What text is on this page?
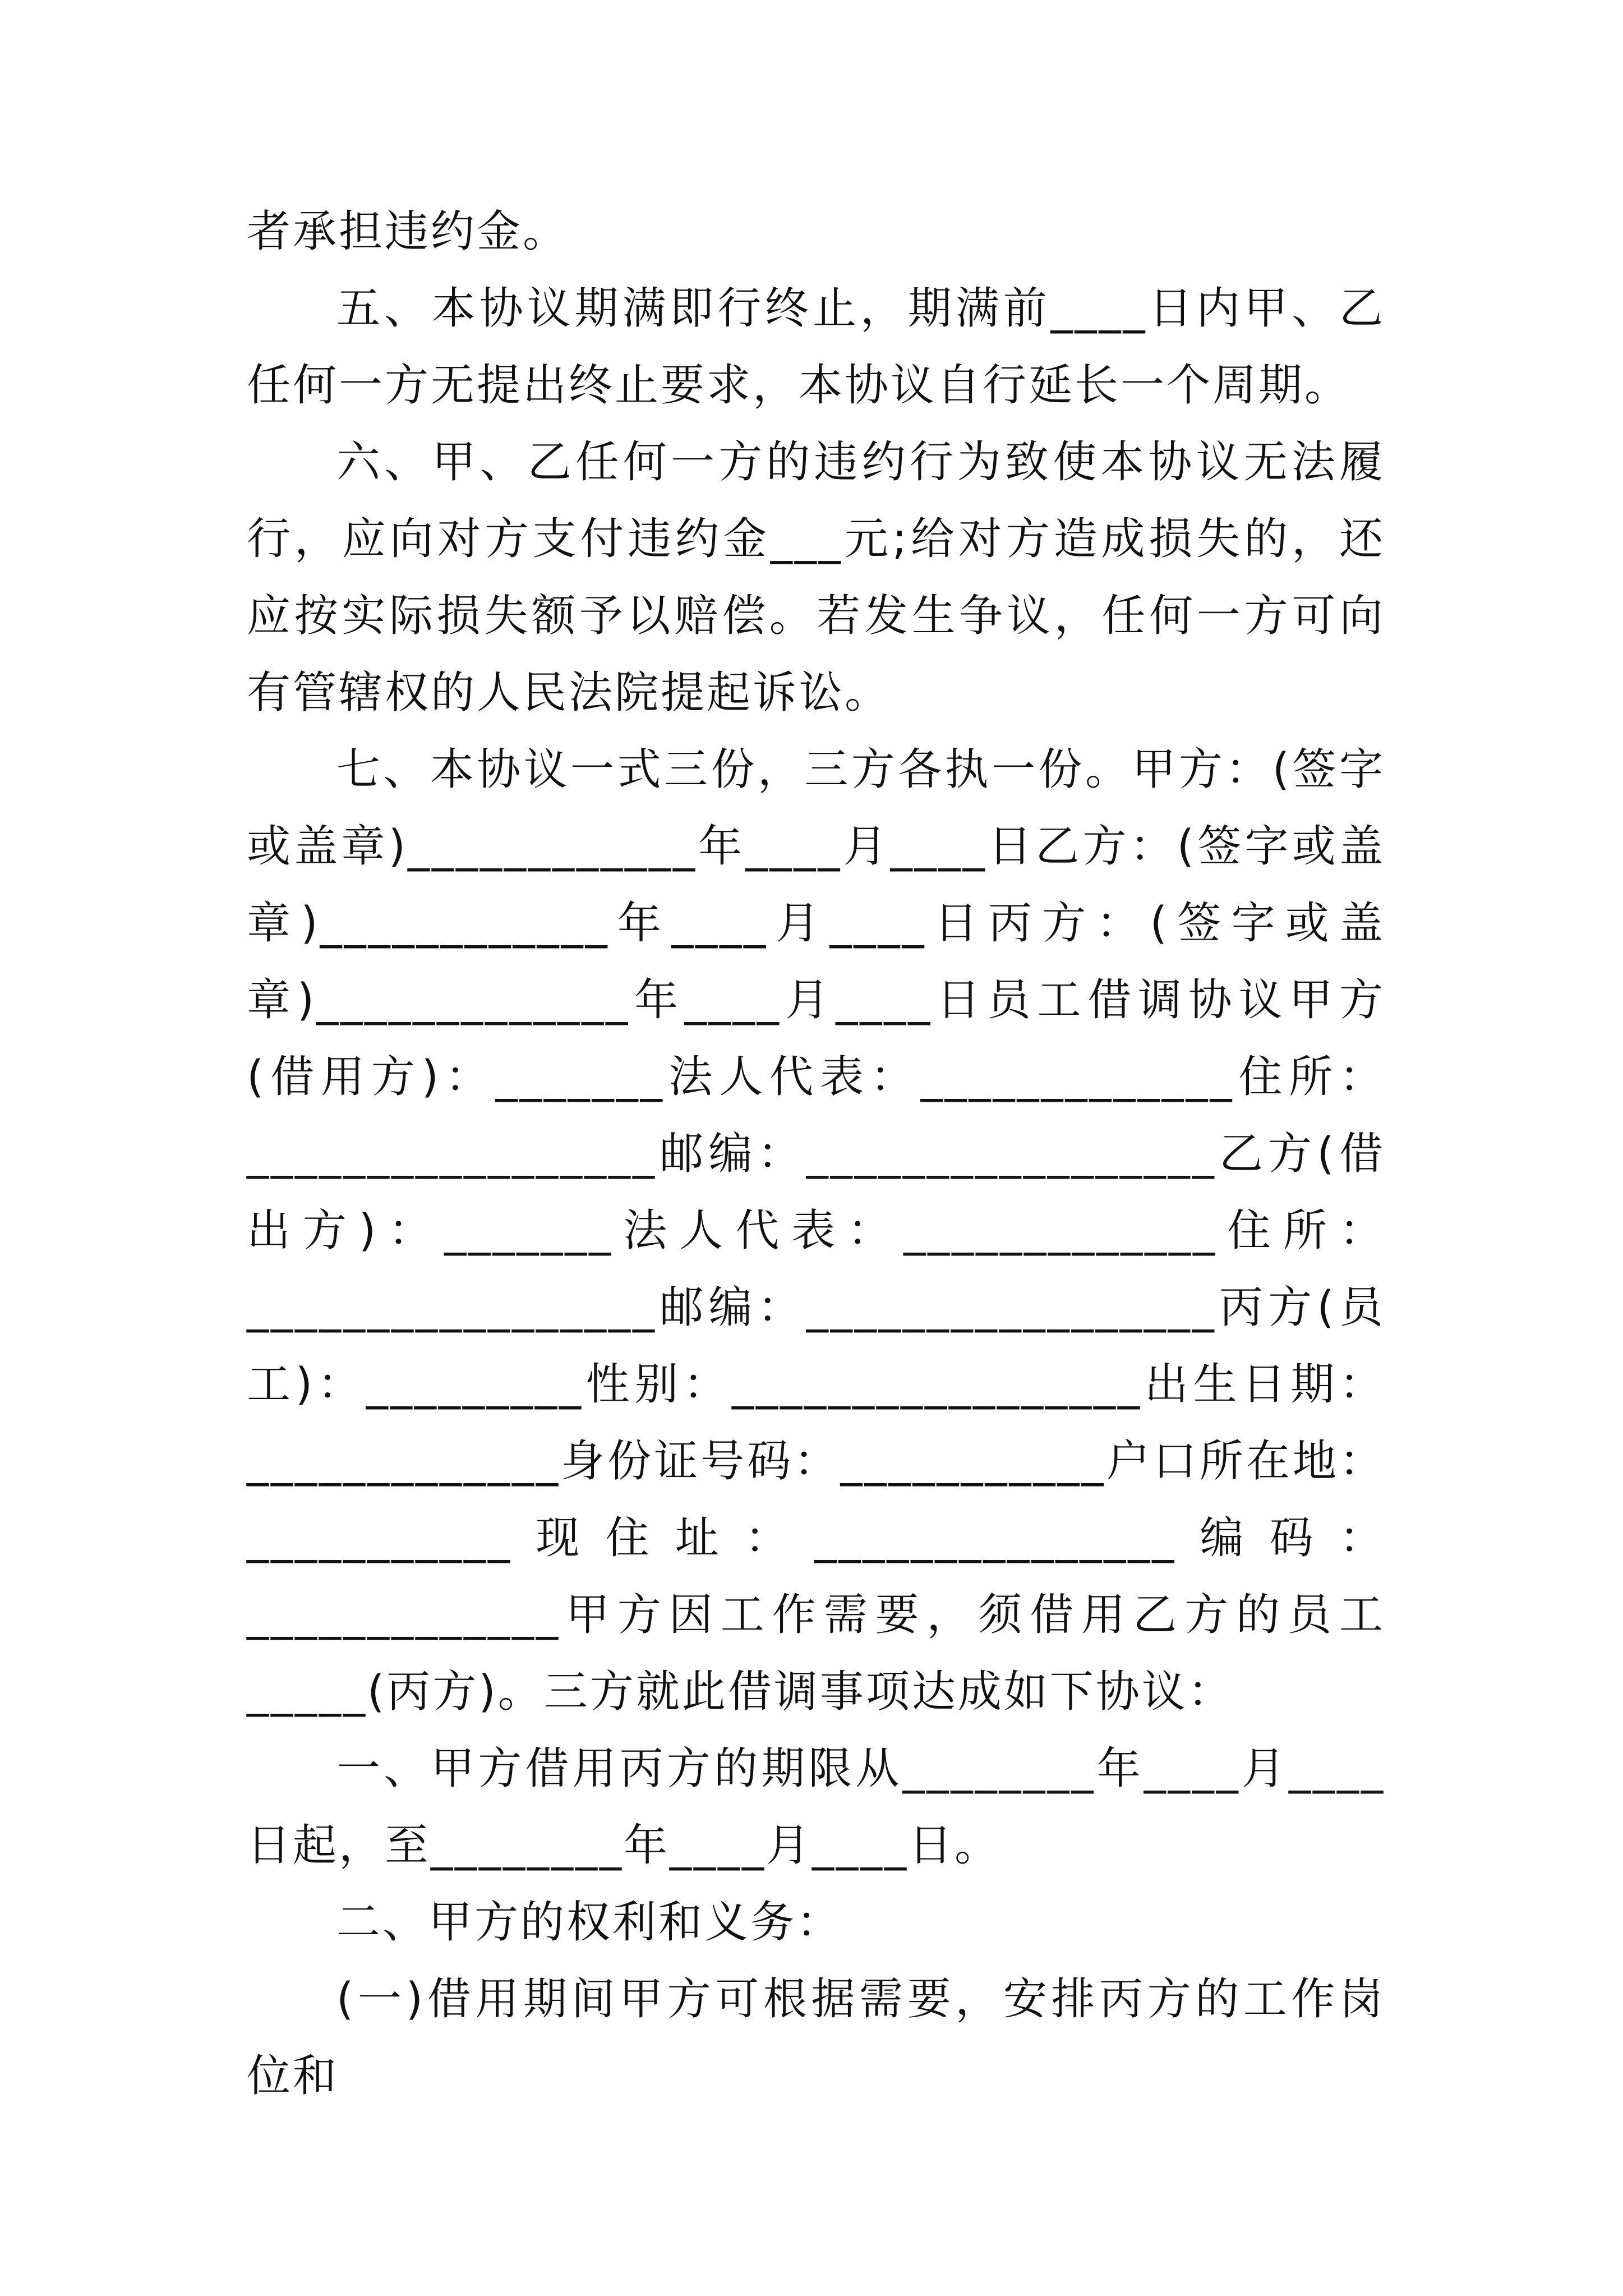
者承担违约金。

五、本协议期满即行终止，期满前____日内甲、乙任何一方无提出终止要求，本协议自行延长一个周期。

六、甲、乙任何一方的违约行为致使本协议无法履行，应向对方支付违约金___元;给对方造成损失的，还应按实际损失额予以赔偿。若发生争议，任何一方可向有管辖权的人民法院提起诉讼。

七、本协议一式三份，三方各执一份。甲方：(签字或盖章)____________年____月____日乙方：(签字或盖章)____________年____月____日丙方：(签字或盖章)_____________年____月____日员工借调协议甲方(借用方)：_______法人代表：_____________住所：_________________邮编：_________________乙方(借出方)：_______法人代表：_____________住所：_________________邮编：_________________丙方(员工)：_________性别：_________________出生日期：_____________身份证号码：___________户口所在地：___________现住址：_______________编码：_____________甲方因工作需要，须借用乙方的员工_____(丙方)。三方就此借调事项达成如下协议：

一、甲方借用丙方的期限从________年____月____日起，至________年____月____日。

二、甲方的权利和义务：

(一)借用期间甲方可根据需要，安排丙方的工作岗位和
